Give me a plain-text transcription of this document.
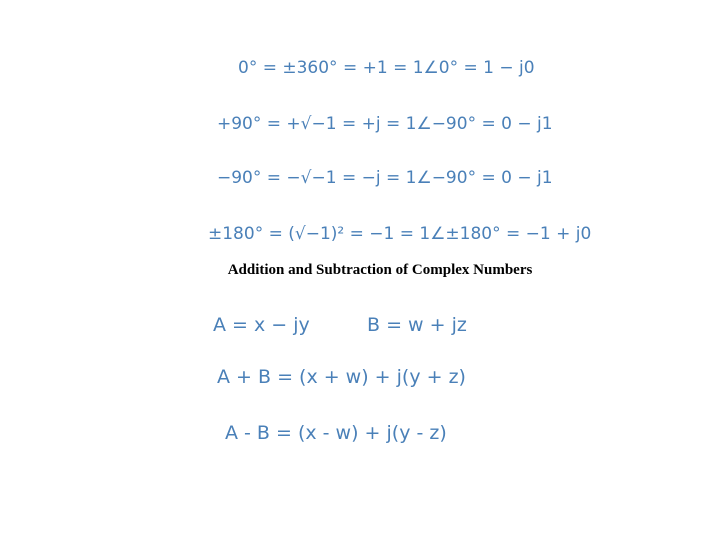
0° = ±360° = +1 = 1∠0° = 1 − j0
+90° = +√−1 = +j = 1∠−90° = 0 − j1
−90° = −√−1 = −j = 1∠−90° = 0 − j1
±180° = (√−1)² = −1 = 1∠±180° = −1 + j0
Addition and Subtraction of Complex Numbers
A = x − jy	B = w + jz
A + B = (x + w) + j(y + z)
A - B = (x - w) + j(y - z)
